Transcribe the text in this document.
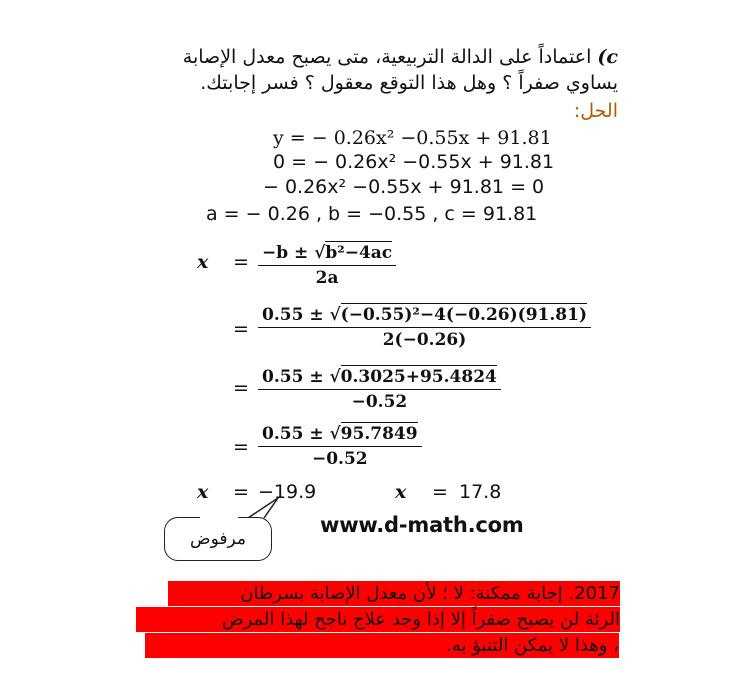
c) اعتماداً على الدالة التربيعية، متى يصبح معدل الإصابة
يساوي صفراً ؟ وهل هذا التوقع معقول ؟ فسر إجابتك.
الحل:
y = − 0.26x² −0.55x + 91.81
0 = − 0.26x² −0.55x + 91.81
− 0.26x² −0.55x + 91.81 = 0
a = − 0.26 , b = −0.55 , c = 91.81
$x = \frac{\text{−b ± √b²−4ac}}{2a}$
= $\frac{\text{0.55 ± √(−0.55)²−4(−0.26)(91.81)}}{2(-0.26)}$
= $\frac{0.55 \pm √0.3025+95.4824}{-0.52}$
= $\frac{0.55 \pm √95.7849}{-0.52}$
x = −19.9	x = 17.8
مرفوض
www.d-math.com
2017. إجابة ممكنة: لا ؛ لأن معدل الإصابة بسرطان
الرئة لن يصبح صفراً إلا إذا وجد علاج ناجح لهذا المرض
، وهذا لا يمكن التنبؤ به.
